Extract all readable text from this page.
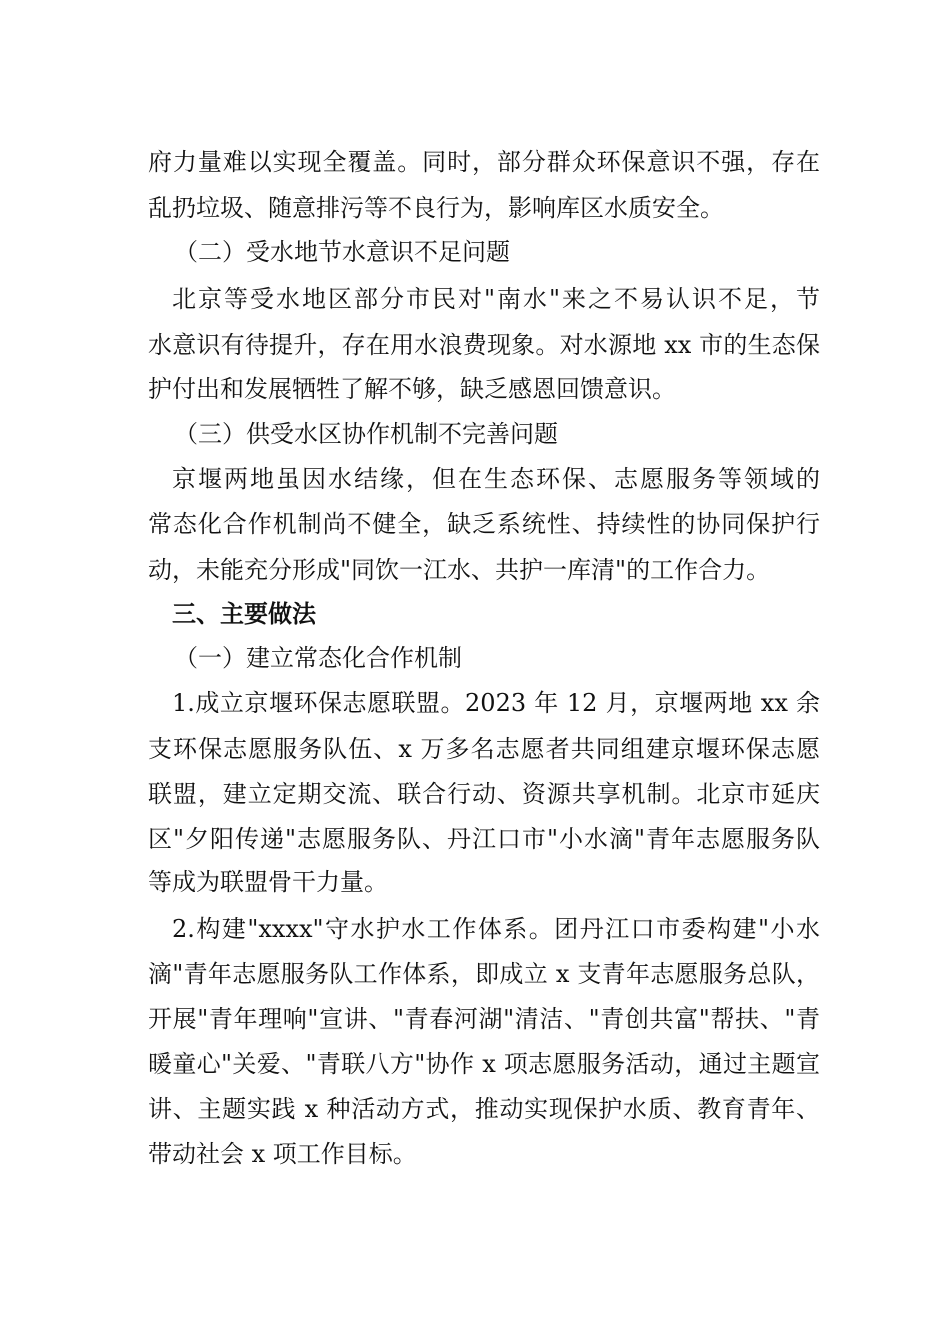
府力量难以实现全覆盖。同时，部分群众环保意识不强，存在

乱扔垃圾、随意排污等不良行为，影响库区水质安全。

（二）受水地节水意识不足问题

北京等受水地区部分市民对"南水"来之不易认识不足，节

水意识有待提升，存在用水浪费现象。对水源地 xx 市的生态保

护付出和发展牺牲了解不够，缺乏感恩回馈意识。

（三）供受水区协作机制不完善问题

京堰两地虽因水结缘，但在生态环保、志愿服务等领域的

常态化合作机制尚不健全，缺乏系统性、持续性的协同保护行

动，未能充分形成"同饮一江水、共护一库清"的工作合力。

三、主要做法

（一）建立常态化合作机制

1.成立京堰环保志愿联盟。2023 年 12 月，京堰两地 xx 余

支环保志愿服务队伍、x 万多名志愿者共同组建京堰环保志愿

联盟，建立定期交流、联合行动、资源共享机制。北京市延庆

区"夕阳传递"志愿服务队、丹江口市"小水滴"青年志愿服务队

等成为联盟骨干力量。

2.构建"xxxx"守水护水工作体系。团丹江口市委构建"小水

滴"青年志愿服务队工作体系，即成立 x 支青年志愿服务总队，

开展"青年理响"宣讲、"青春河湖"清洁、"青创共富"帮扶、"青

暖童心"关爱、"青联八方"协作 x 项志愿服务活动，通过主题宣

讲、主题实践 x 种活动方式，推动实现保护水质、教育青年、

带动社会 x 项工作目标。
